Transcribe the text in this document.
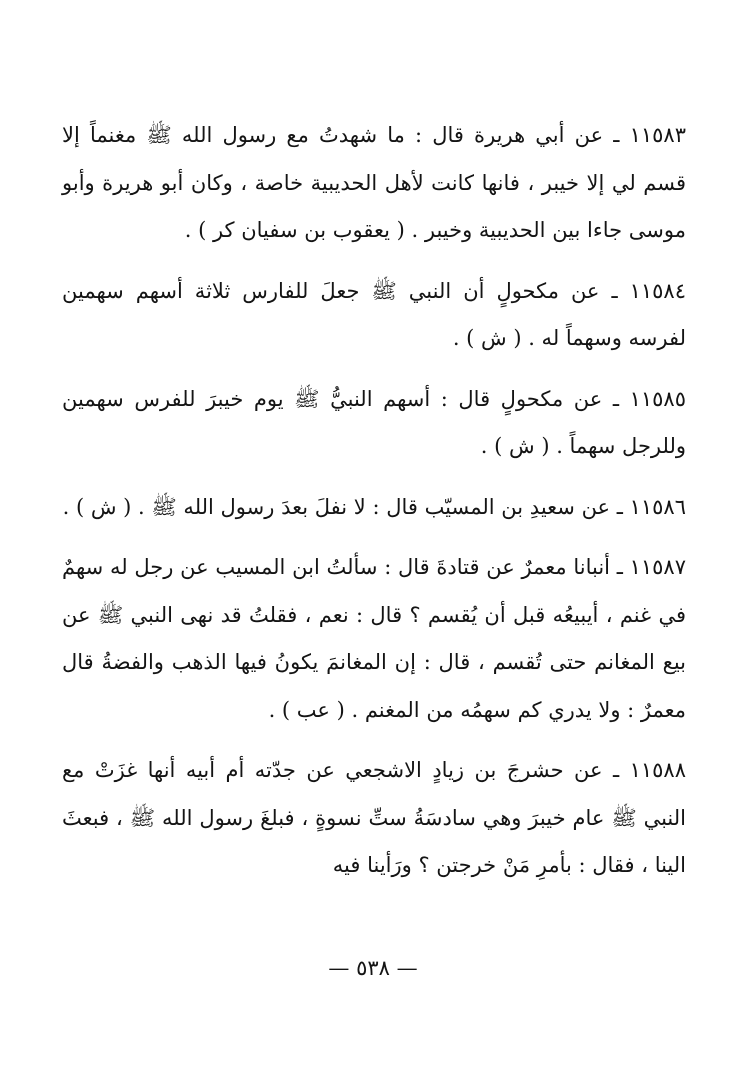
١١٥٨٣ ـ عن أبي هريرة قال : ما شهدتُ مع رسول الله ﷺ مغنماً إلا قسم لي إلا خيبر ، فانها كانت لأهل الحديبية خاصة ، وكان أبو هريرة وأبو موسى جاءا بين الحديبية وخيبر . ( يعقوب بن سفيان كر ) .

١١٥٨٤ ـ عن مكحولٍ أن النبي ﷺ جعلَ للفارس ثلاثة أسهم سهمين لفرسه وسهماً له . ( ش ) .

١١٥٨٥ ـ عن مكحولٍ قال : أسهم النبيُّ ﷺ يوم خيبرَ للفرس سهمين وللرجل سهماً . ( ش ) .

١١٥٨٦ ـ عن سعيدِ بن المسيّب قال : لا نفلَ بعدَ رسول الله ﷺ . ( ش ) .

١١٥٨٧ ـ أنبانا معمرٌ عن قتادةَ قال : سألتُ ابن المسيب عن رجل له سهمٌ في غنم ، أيبيعُه قبل أن يُقسم ؟ قال : نعم ، فقلتُ قد نهى النبي ﷺ عن بيع المغانم حتى تُقسم ، قال : إن المغانمَ يكونُ فيها الذهب والفضةُ قال معمرٌ : ولا يدري كم سهمُه من المغنم . ( عب ) .

١١٥٨٨ ـ عن حشرجَ بن زيادٍ الاشجعي عن جدّته أم أبيه أنها غزَتْ مع النبي ﷺ عام خيبرَ وهي سادسَةُ ستِّ نسوةٍ ، فبلغَ رسول الله ﷺ ، فبعثَ الينا ، فقال : بأمرِ مَنْ خرجتن ؟ ورَأينا فيه

— ٥٣٨ —
